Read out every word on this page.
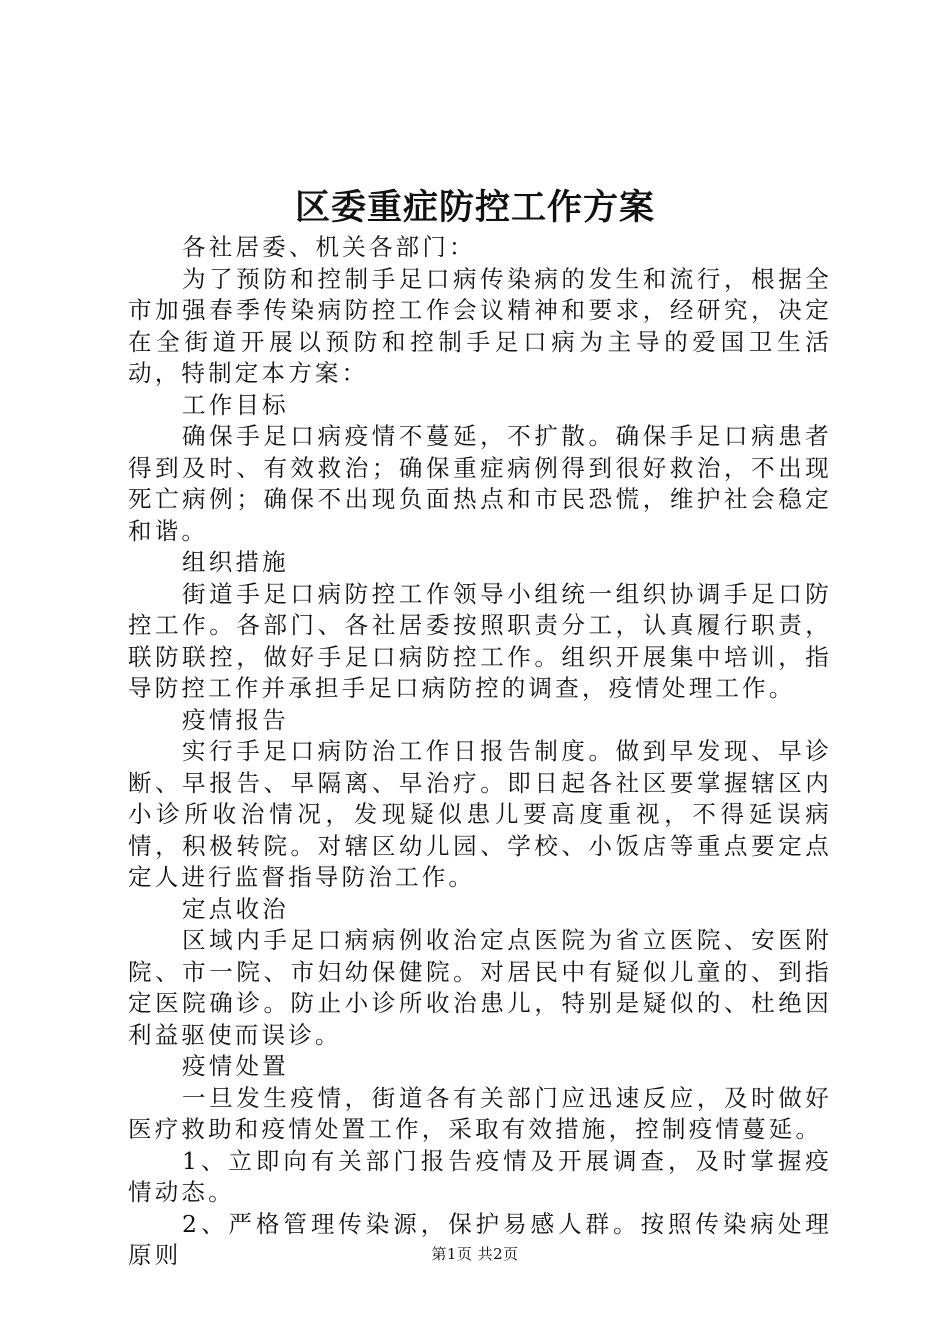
区委重症防控工作方案

各社居委、机关各部门：

为了预防和控制手足口病传染病的发生和流行，根据全市加强春季传染病防控工作会议精神和要求，经研究，决定在全街道开展以预防和控制手足口病为主导的爱国卫生活动，特制定本方案：

工作目标

确保手足口病疫情不蔓延，不扩散。确保手足口病患者得到及时、有效救治；确保重症病例得到很好救治，不出现死亡病例；确保不出现负面热点和市民恐慌，维护社会稳定和谐。

组织措施

街道手足口病防控工作领导小组统一组织协调手足口防控工作。各部门、各社居委按照职责分工，认真履行职责，联防联控，做好手足口病防控工作。组织开展集中培训，指导防控工作并承担手足口病防控的调查，疫情处理工作。

疫情报告

实行手足口病防治工作日报告制度。做到早发现、早诊断、早报告、早隔离、早治疗。即日起各社区要掌握辖区内小诊所收治情况，发现疑似患儿要高度重视，不得延误病情，积极转院。对辖区幼儿园、学校、小饭店等重点要定点定人进行监督指导防治工作。

定点收治

区域内手足口病病例收治定点医院为省立医院、安医附院、市一院、市妇幼保健院。对居民中有疑似儿童的、到指定医院确诊。防止小诊所收治患儿，特别是疑似的、杜绝因利益驱使而误诊。

疫情处置

一旦发生疫情，街道各有关部门应迅速反应，及时做好医疗救助和疫情处置工作，采取有效措施，控制疫情蔓延。

1、立即向有关部门报告疫情及开展调查，及时掌握疫情动态。

2、严格管理传染源，保护易感人群。按照传染病处理原则	第1页 共2页
